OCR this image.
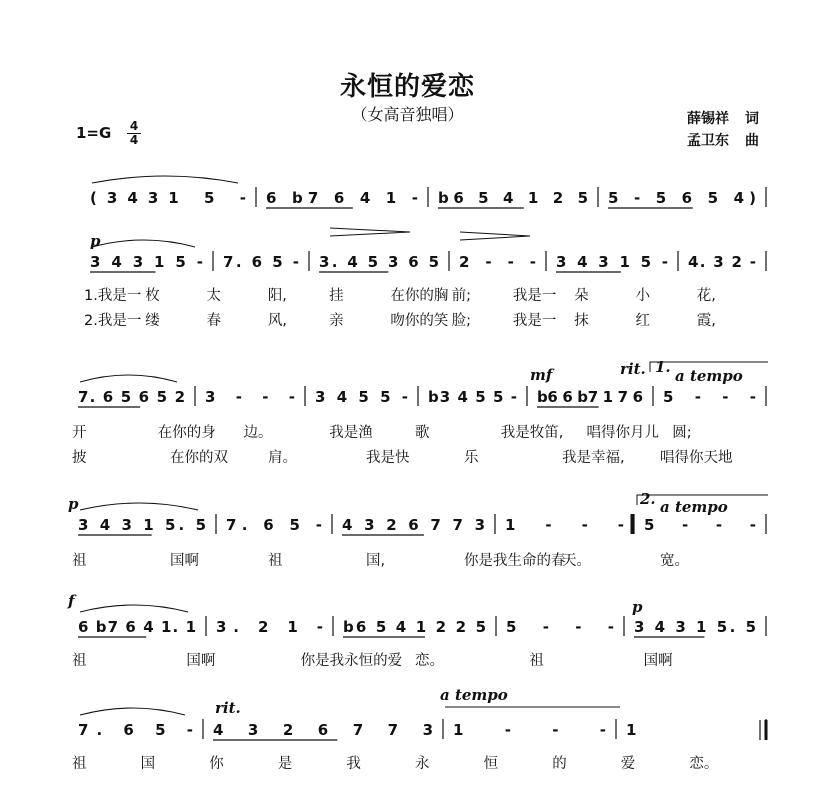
永恒的爱恋
（女高音独唱）
$1=G \frac{4}{4}$
薛锡祥 词
孟卫东 曲
p
mf	rit. 1. a tempo
p	2. a tempo
f	p
rit.
a tempo
(3431 5 - 6 b7 6 4 1 - b6 5 4 1 2 5 5 - 5 6 5 4)
3 4 3 1 5 - 7. 6 5 - 3. 4 5 3 6 5 2 - - - 3 4 3 1 5 - 4. 3 2 -
7. 6 5 6 5 2 3 - - - 3 4 5 5 - b3 4 5 5 - b6 6 b7 1 7 6 5 - - -
3 4 3 1 5. 5 7. 6 5 - 4 3 2 6 7 7 3 1 - - - 5 - - -
6 b7 6 4 1. 1 3. 2 1 - b6 5 4 1 2 2 5 5 - - - 3 4 3 1 5. 5
7. 6 5 - 4 3 2 6 7 7 3 1 - - - 1
1.我是一 枚	太	阳,	挂	在你的胸 前;	我是一 朵	小	花,
2.我是一 缕	春	风,	亲	吻你的笑 脸;	我是一 抹	红	霞,
开	在你的身 边。	我是渔	歌	我是牧笛, 唱得你月儿 圆;
披	在你的双	肩。	我是快	乐	我是幸福, 唱得你天地
祖	国啊	祖	国,	你是我生命的春
天。	宽。
祖	国啊	你是我永恒的爱 恋。	祖	国啊
祖	国	你	是	我	永	恒	的	爱	恋。
